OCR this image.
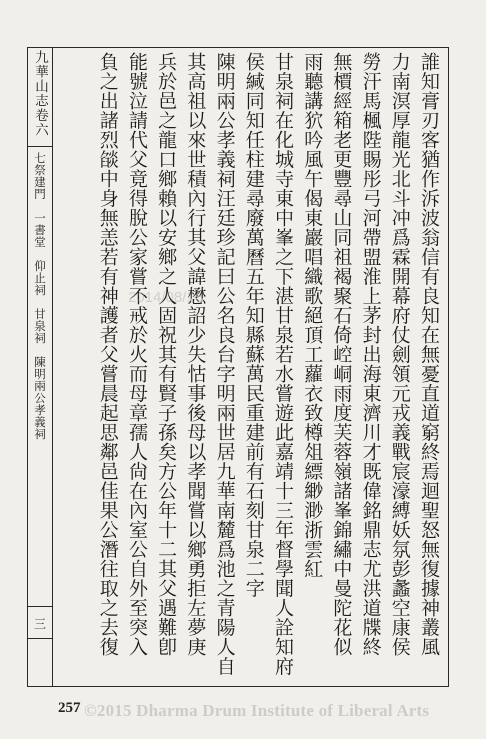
九華山志卷六
七祭建門　一書堂　仰止祠　甘泉祠　陳明兩公孝義祠
三	誰知膏刃客猶作泝波翁信有良知在無憂直道窮終焉迴聖怒無復據神叢風

力南溟厚龍光北斗冲爲霖開幕府仗劍領元戎義戰宸濠縛妖氛彭蠡空康侯

勞汗馬楓陛賜彤弓河帶盟淮上茅封出海東濟川才既偉銘鼎志尤洪道牒終

無檟經箱老更豐尋山同祖褐聚石倚崆峒雨度芙蓉嶺諸峯錦繡中曼陀花似

雨聽講狖吟風午偈東巖唱織歌絕頂工蘿衣致樽俎縹緲渺浙雲紅

甘泉祠在化城寺東中峯之下湛甘泉若水嘗遊此嘉靖十三年督學聞人詮知府

侯緘同知任柱建尋廢萬曆五年知縣蘇萬民重建前有石刻甘泉二字

陳明兩公孝義祠汪廷珍記曰公名良台字明兩世居九華南麓爲池之青陽人自

其高祖以來世積內行其父諱懋詔少失怙事後母以孝聞嘗以鄉勇拒左夢庚

兵於邑之龍口鄉賴以安鄉之人固祝其有賢子孫矣方公年十二其父遇難卽

能號泣請代父竟得脫公家嘗不戒於火而母章孺人尙在內室公自外至突入

負之出諸烈燄中身無恙若有神護者父嘗晨起思鄰邑佳果公潛往取之去復 2014/08/16
257 ©2015 Dharma Drum Institute of Liberal Arts
